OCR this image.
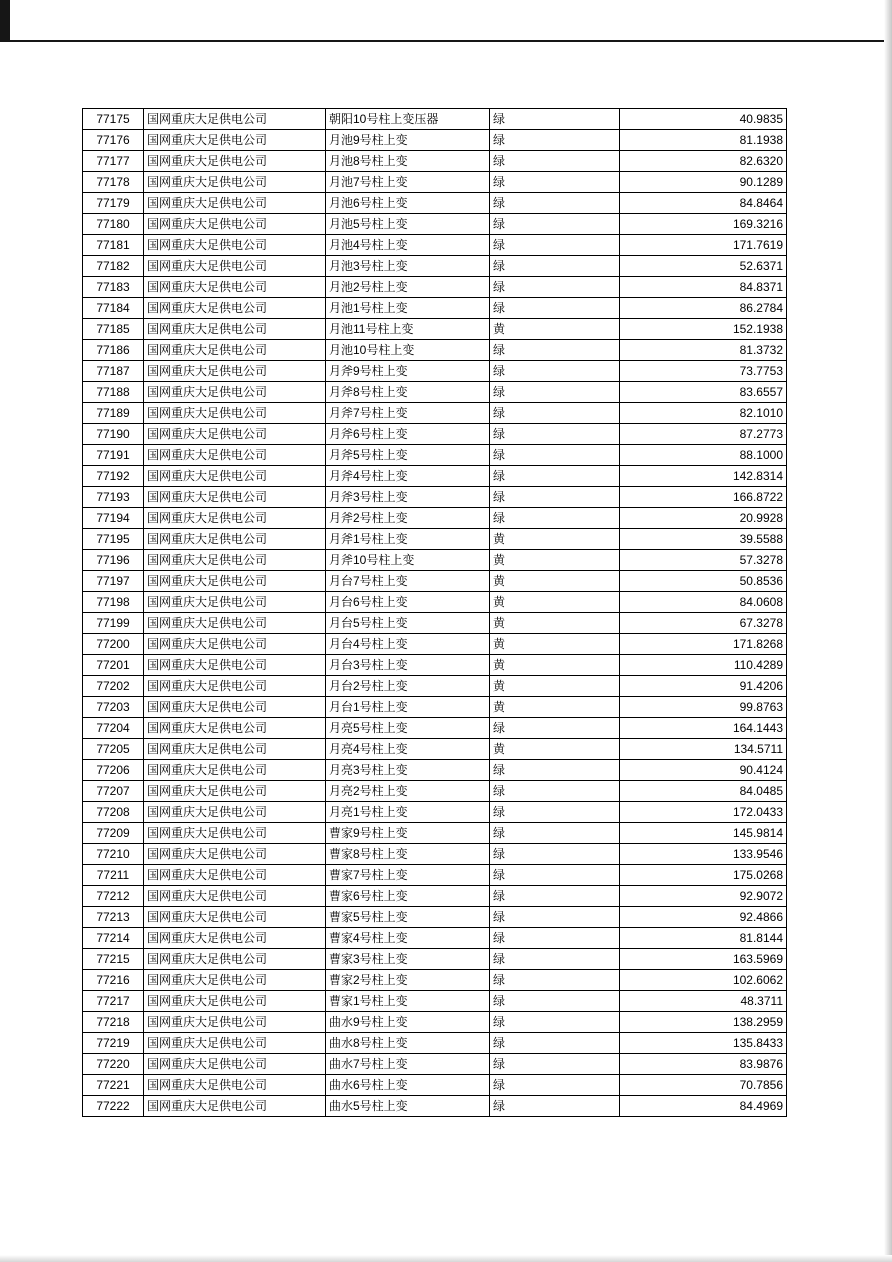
77175	国网重庆大足供电公司	朝阳10号柱上变压器	绿	40.9835
77176	国网重庆大足供电公司	月池9号柱上变	绿	81.1938
77177	国网重庆大足供电公司	月池8号柱上变	绿	82.6320
77178	国网重庆大足供电公司	月池7号柱上变	绿	90.1289
77179	国网重庆大足供电公司	月池6号柱上变	绿	84.8464
77180	国网重庆大足供电公司	月池5号柱上变	绿	169.3216
77181	国网重庆大足供电公司	月池4号柱上变	绿	171.7619
77182	国网重庆大足供电公司	月池3号柱上变	绿	52.6371
77183	国网重庆大足供电公司	月池2号柱上变	绿	84.8371
77184	国网重庆大足供电公司	月池1号柱上变	绿	86.2784
77185	国网重庆大足供电公司	月池11号柱上变	黄	152.1938
77186	国网重庆大足供电公司	月池10号柱上变	绿	81.3732
77187	国网重庆大足供电公司	月斧9号柱上变	绿	73.7753
77188	国网重庆大足供电公司	月斧8号柱上变	绿	83.6557
77189	国网重庆大足供电公司	月斧7号柱上变	绿	82.1010
77190	国网重庆大足供电公司	月斧6号柱上变	绿	87.2773
77191	国网重庆大足供电公司	月斧5号柱上变	绿	88.1000
77192	国网重庆大足供电公司	月斧4号柱上变	绿	142.8314
77193	国网重庆大足供电公司	月斧3号柱上变	绿	166.8722
77194	国网重庆大足供电公司	月斧2号柱上变	绿	20.9928
77195	国网重庆大足供电公司	月斧1号柱上变	黄	39.5588
77196	国网重庆大足供电公司	月斧10号柱上变	黄	57.3278
77197	国网重庆大足供电公司	月台7号柱上变	黄	50.8536
77198	国网重庆大足供电公司	月台6号柱上变	黄	84.0608
77199	国网重庆大足供电公司	月台5号柱上变	黄	67.3278
77200	国网重庆大足供电公司	月台4号柱上变	黄	171.8268
77201	国网重庆大足供电公司	月台3号柱上变	黄	110.4289
77202	国网重庆大足供电公司	月台2号柱上变	黄	91.4206
77203	国网重庆大足供电公司	月台1号柱上变	黄	99.8763
77204	国网重庆大足供电公司	月亮5号柱上变	绿	164.1443
77205	国网重庆大足供电公司	月亮4号柱上变	黄	134.5711
77206	国网重庆大足供电公司	月亮3号柱上变	绿	90.4124
77207	国网重庆大足供电公司	月亮2号柱上变	绿	84.0485
77208	国网重庆大足供电公司	月亮1号柱上变	绿	172.0433
77209	国网重庆大足供电公司	曹家9号柱上变	绿	145.9814
77210	国网重庆大足供电公司	曹家8号柱上变	绿	133.9546
77211	国网重庆大足供电公司	曹家7号柱上变	绿	175.0268
77212	国网重庆大足供电公司	曹家6号柱上变	绿	92.9072
77213	国网重庆大足供电公司	曹家5号柱上变	绿	92.4866
77214	国网重庆大足供电公司	曹家4号柱上变	绿	81.8144
77215	国网重庆大足供电公司	曹家3号柱上变	绿	163.5969
77216	国网重庆大足供电公司	曹家2号柱上变	绿	102.6062
77217	国网重庆大足供电公司	曹家1号柱上变	绿	48.3711
77218	国网重庆大足供电公司	曲水9号柱上变	绿	138.2959
77219	国网重庆大足供电公司	曲水8号柱上变	绿	135.8433
77220	国网重庆大足供电公司	曲水7号柱上变	绿	83.9876
77221	国网重庆大足供电公司	曲水6号柱上变	绿	70.7856
77222	国网重庆大足供电公司	曲水5号柱上变	绿	84.4969
